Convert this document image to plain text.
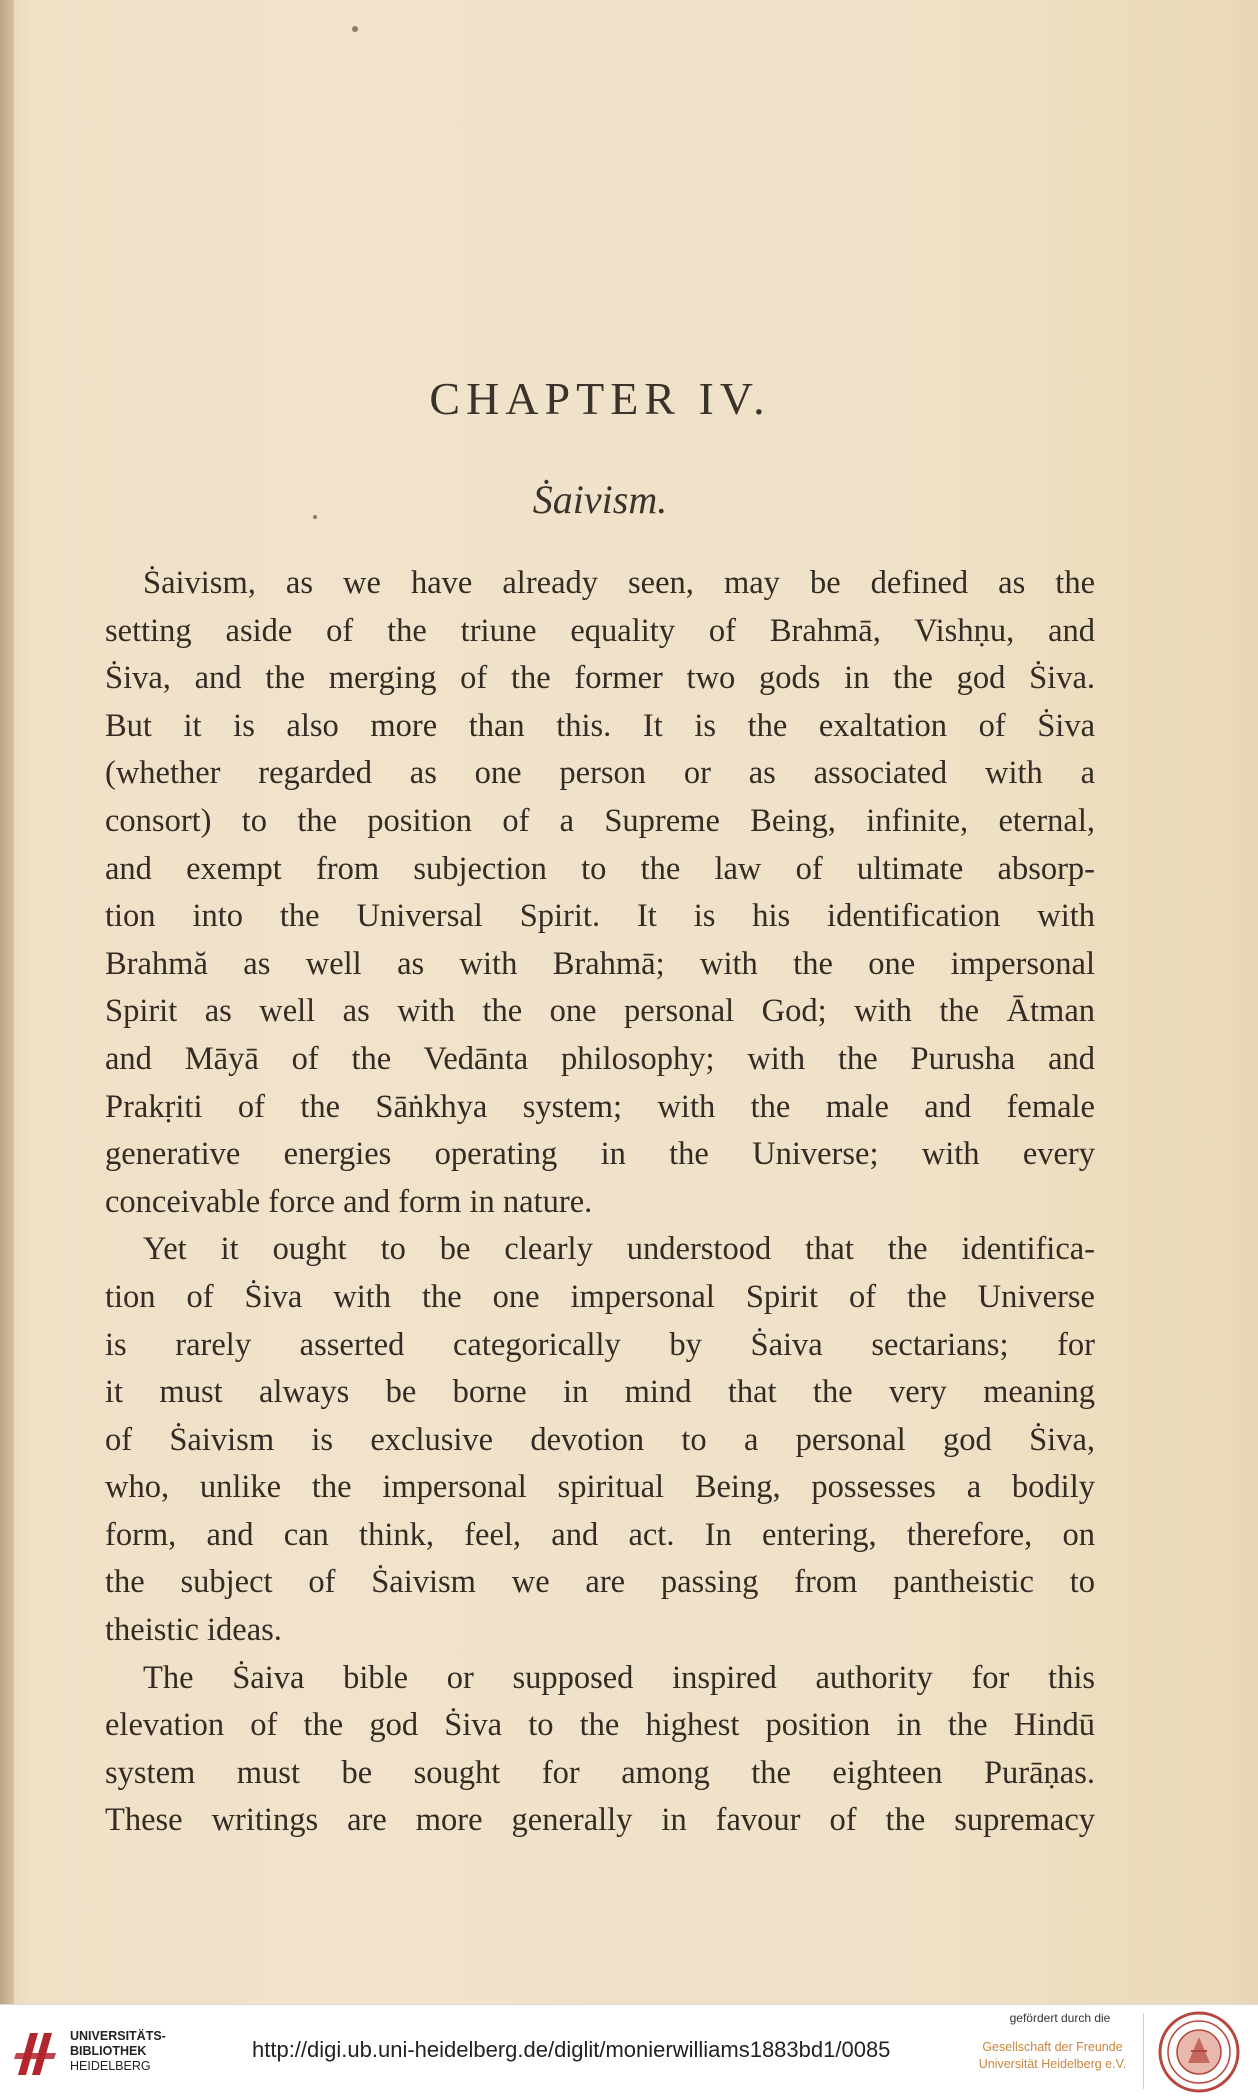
CHAPTER IV.
Ṡaivism.
Ṡaivism, as we have already seen, may be defined as the
setting aside of the triune equality of Brahmā, Vishṇu, and
Ṡiva, and the merging of the former two gods in the god Ṡiva.
But it is also more than this. It is the exaltation of Ṡiva
(whether regarded as one person or as associated with a
consort) to the position of a Supreme Being, infinite, eternal,
and exempt from subjection to the law of ultimate absorp-
tion into the Universal Spirit. It is his identification with
Brahmă as well as with Brahmā; with the one impersonal
Spirit as well as with the one personal God; with the Ātman
and Māyā of the Vedānta philosophy; with the Purusha and
Prakṛiti of the Sāṅkhya system; with the male and female
generative energies operating in the Universe; with every
conceivable force and form in nature.
Yet it ought to be clearly understood that the identifica-
tion of Ṡiva with the one impersonal Spirit of the Universe
is rarely asserted categorically by Ṡaiva sectarians; for
it must always be borne in mind that the very meaning
of Ṡaivism is exclusive devotion to a personal god Ṡiva,
who, unlike the impersonal spiritual Being, possesses a bodily
form, and can think, feel, and act. In entering, therefore, on
the subject of Ṡaivism we are passing from pantheistic to
theistic ideas.
The Ṡaiva bible or supposed inspired authority for this
elevation of the god Ṡiva to the highest position in the Hindū
system must be sought for among the eighteen Purāṇas.
These writings are more generally in favour of the supremacy
UNIVERSITÄTS-
BIBLIOTHEK
HEIDELBERG
http://digi.ub.uni-heidelberg.de/diglit/monierwilliams1883bd1/0085
gefördert durch die
Gesellschaft der Freunde
Universität Heidelberg e.V.
